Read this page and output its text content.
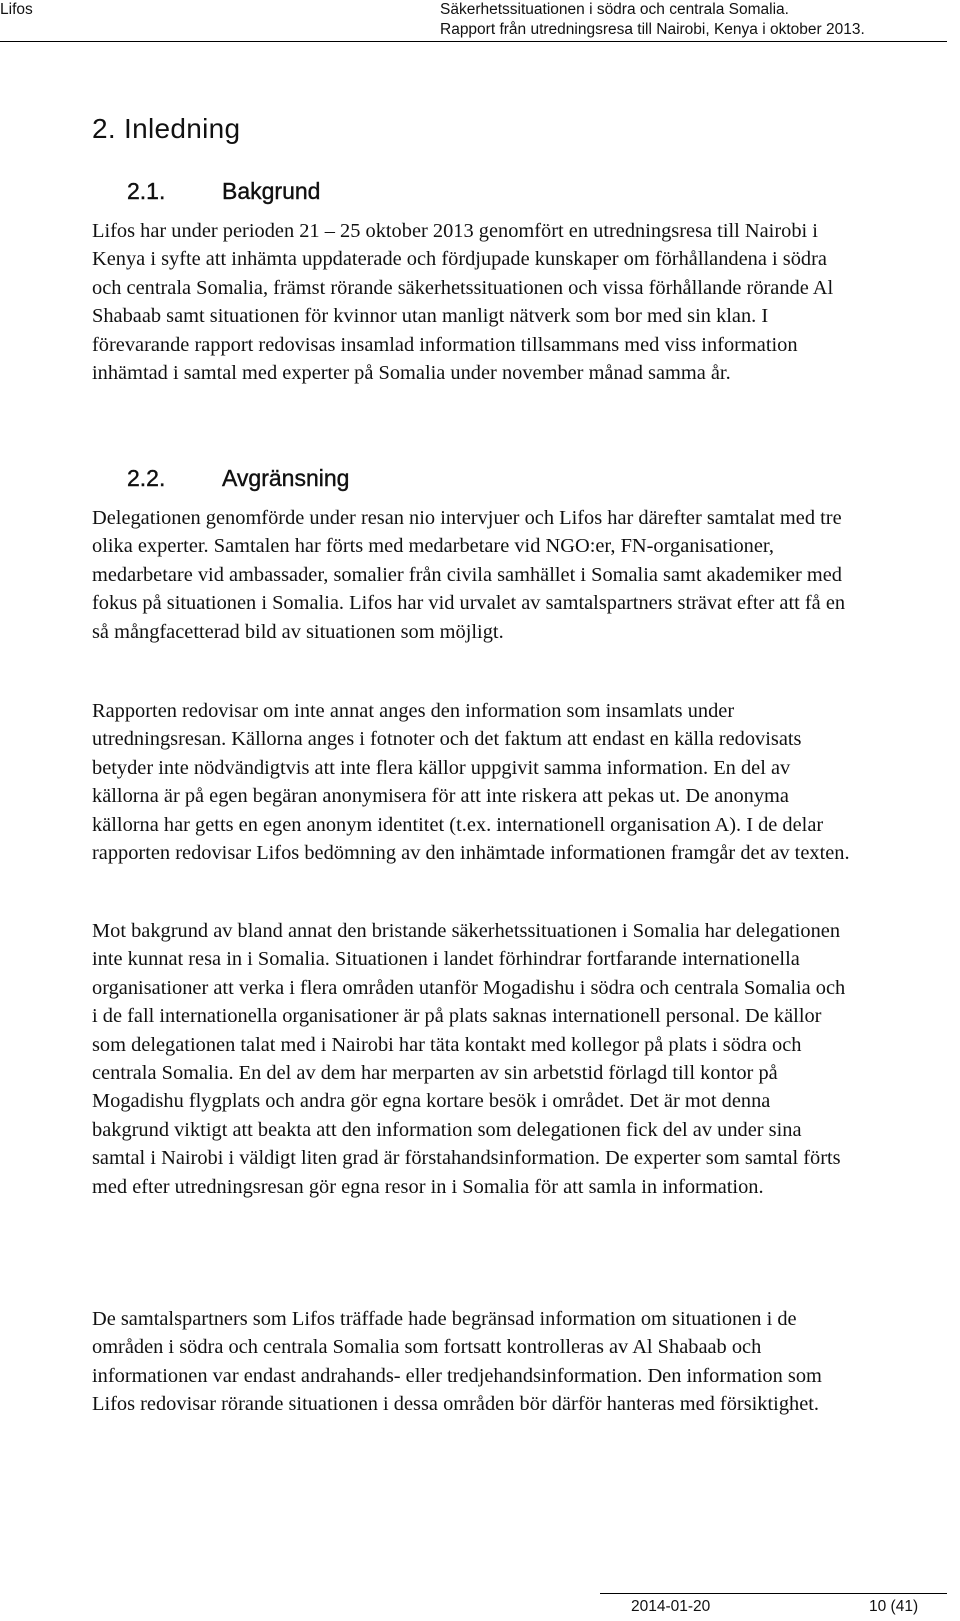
Lifos	Säkerhetssituationen i södra och centrala Somalia.
Rapport från utredningsresa till Nairobi, Kenya i oktober 2013.
2. Inledning
2.1. Bakgrund

Lifos har under perioden 21 – 25 oktober 2013 genomfört en utredningsresa till Nairobi i Kenya i syfte att inhämta uppdaterade och fördjupade kunskaper om förhållandena i södra och centrala Somalia, främst rörande säkerhetssituationen och vissa förhållande rörande Al Shabaab samt situationen för kvinnor utan manligt nätverk som bor med sin klan. I förevarande rapport redovisas insamlad information tillsammans med viss information inhämtad i samtal med experter på Somalia under november månad samma år.

2.2. Avgränsning

Delegationen genomförde under resan nio intervjuer och Lifos har därefter samtalat med tre olika experter. Samtalen har förts med medarbetare vid NGO:er, FN-organisationer, medarbetare vid ambassader, somalier från civila samhället i Somalia samt akademiker med fokus på situationen i Somalia. Lifos har vid urvalet av samtalspartners strävat efter att få en så mångfacetterad bild av situationen som möjligt.

Rapporten redovisar om inte annat anges den information som insamlats under utredningsresan. Källorna anges i fotnoter och det faktum att endast en källa redovisats betyder inte nödvändigtvis att inte flera källor uppgivit samma information. En del av källorna är på egen begäran anonymisera för att inte riskera att pekas ut. De anonyma källorna har getts en egen anonym identitet (t.ex. internationell organisation A). I de delar rapporten redovisar Lifos bedömning av den inhämtade informationen framgår det av texten.

Mot bakgrund av bland annat den bristande säkerhetssituationen i Somalia har delegationen inte kunnat resa in i Somalia. Situationen i landet förhindrar fortfarande internationella organisationer att verka i flera områden utanför Mogadishu i södra och centrala Somalia och i de fall internationella organisationer är på plats saknas internationell personal. De källor som delegationen talat med i Nairobi har täta kontakt med kollegor på plats i södra och centrala Somalia. En del av dem har merparten av sin arbetstid förlagd till kontor på Mogadishu flygplats och andra gör egna kortare besök i området. Det är mot denna bakgrund viktigt att beakta att den information som delegationen fick del av under sina samtal i Nairobi i väldigt liten grad är förstahandsinformation. De experter som samtal förts med efter utredningsresan gör egna resor in i Somalia för att samla in information.

De samtalspartners som Lifos träffade hade begränsad information om situationen i de områden i södra och centrala Somalia som fortsatt kontrolleras av Al Shabaab och informationen var endast andrahands- eller tredjehandsinformation. Den information som Lifos redovisar rörande situationen i dessa områden bör därför hanteras med försiktighet.

2014-01-20	10 (41)
